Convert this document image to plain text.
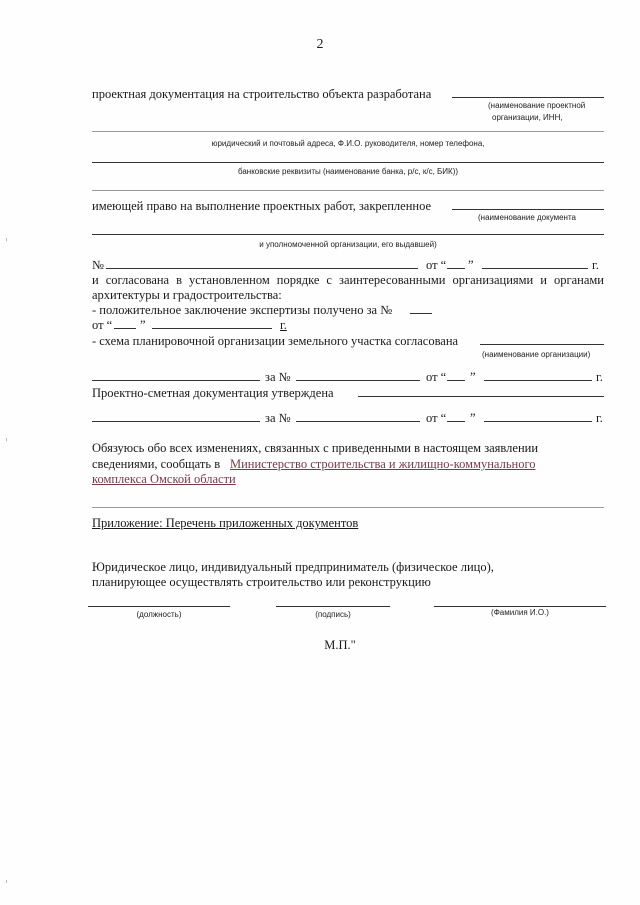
2
проектная документация на строительство объекта разработана
(наименование проектной
организации, ИНН,
юридический и почтовый адреса, Ф.И.О. руководителя, номер телефона,
банковские реквизиты (наименование банка, р/с, к/с, БИК))
имеющей право на выполнение проектных работ, закрепленное
(наименование документа
и уполномоченной организации, его выдавшей)
№	от “ ”	г.
и согласована в установленном порядке с заинтересованными организациями и органами
архитектуры и градостроительства:
- положительное заключение экспертизы получено за №
от “ ”	г.
- схема планировочной организации земельного участка согласована
(наименование организации)
за №	от “ ”	г.
Проектно-сметная документация утверждена
за №	от “ ”	г.
Обязуюсь обо всех изменениях, связанных с приведенными в настоящем заявлении
сведениями, сообщать в Министерство строительства и жилищно-коммунального
комплекса Омской области
Приложение: Перечень приложенных документов
Юридическое лицо, индивидуальный предприниматель (физическое лицо),
планирующее осуществлять строительство или реконструкцию
(должность)	(подпись)	(Фамилия И.О.)
М.П."
